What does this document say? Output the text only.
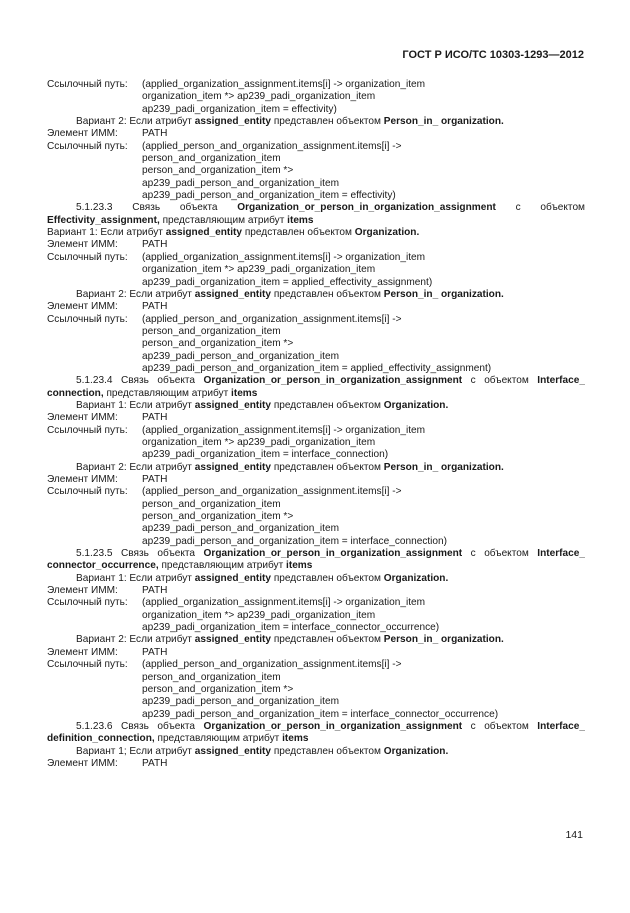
ГОСТ Р ИСО/ТС 10303-1293—2012
Ссылочный путь: (applied_organization_assignment.items[i] -> organization_item
organization_item *> ap239_padi_organization_item
ap239_padi_organization_item = effectivity)
Вариант 2: Если атрибут assigned_entity представлен объектом Person_in_ organization.
Элемент ИММ: PATH
Ссылочный путь: (applied_person_and_organization_assignment.items[i] ->
person_and_organization_item
person_and_organization_item *>
ap239_padi_person_and_organization_item
ap239_padi_person_and_organization_item = effectivity)
5.1.23.3 Связь объекта Organization_or_person_in_organization_assignment с объектом
Effectivity_assignment, представляющим атрибут items
Вариант 1: Если атрибут assigned_entity представлен объектом Organization.
Элемент ИММ: PATH
Ссылочный путь: (applied_organization_assignment.items[i] -> organization_item
organization_item *> ap239_padi_organization_item
ap239_padi_organization_item = applied_effectivity_assignment)
Вариант 2: Если атрибут assigned_entity представлен объектом Person_in_ organization.
Элемент ИММ: PATH
Ссылочный путь: (applied_person_and_organization_assignment.items[i] ->
person_and_organization_item
person_and_organization_item *>
ap239_padi_person_and_organization_item
ap239_padi_person_and_organization_item = applied_effectivity_assignment)
5.1.23.4 Связь объекта Organization_or_person_in_organization_assignment с объектом Interface_
connection, представляющим атрибут items
Вариант 1: Если атрибут assigned_entity представлен объектом Organization.
Элемент ИММ: PATH
Ссылочный путь: (applied_organization_assignment.items[i] -> organization_item
organization_item *> ap239_padi_organization_item
ap239_padi_organization_item = interface_connection)
Вариант 2: Если атрибут assigned_entity представлен объектом Person_in_ organization.
Элемент ИММ: PATH
Ссылочный путь: (applied_person_and_organization_assignment.items[i] ->
person_and_organization_item
person_and_organization_item *>
ap239_padi_person_and_organization_item
ap239_padi_person_and_organization_item = interface_connection)
5.1.23.5 Связь объекта Organization_or_person_in_organization_assignment с объектом Interface_
connector_occurrence, представляющим атрибут items
Вариант 1: Если атрибут assigned_entity представлен объектом Organization.
Элемент ИММ: PATH
Ссылочный путь: (applied_organization_assignment.items[i] -> organization_item
organization_item *> ap239_padi_organization_item
ap239_padi_organization_item = interface_connector_occurrence)
Вариант 2: Если атрибут assigned_entity представлен объектом Person_in_ organization.
Элемент ИММ: PATH
Ссылочный путь: (applied_person_and_organization_assignment.items[i] ->
person_and_organization_item
person_and_organization_item *>
ap239_padi_person_and_organization_item
ap239_padi_person_and_organization_item = interface_connector_occurrence)
5.1.23.6 Связь объекта Organization_or_person_in_organization_assignment с объектом Interface_
definition_connection, представляющим атрибут items
Вариант 1; Если атрибут assigned_entity представлен объектом Organization.
Элемент ИММ: PATH
141
